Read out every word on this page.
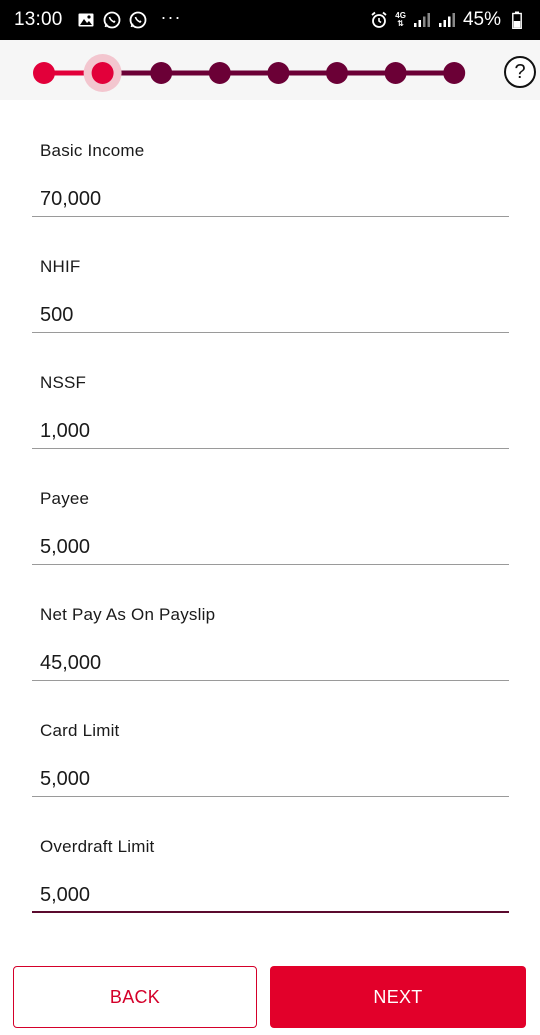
13:00	···	4G
⇅	45%
?
Basic Income
70,000
NHIF
500
NSSF
1,000
Payee
5,000
Net Pay As On Payslip
45,000
Card Limit
5,000
Overdraft Limit
5,000
BACK	NEXT
